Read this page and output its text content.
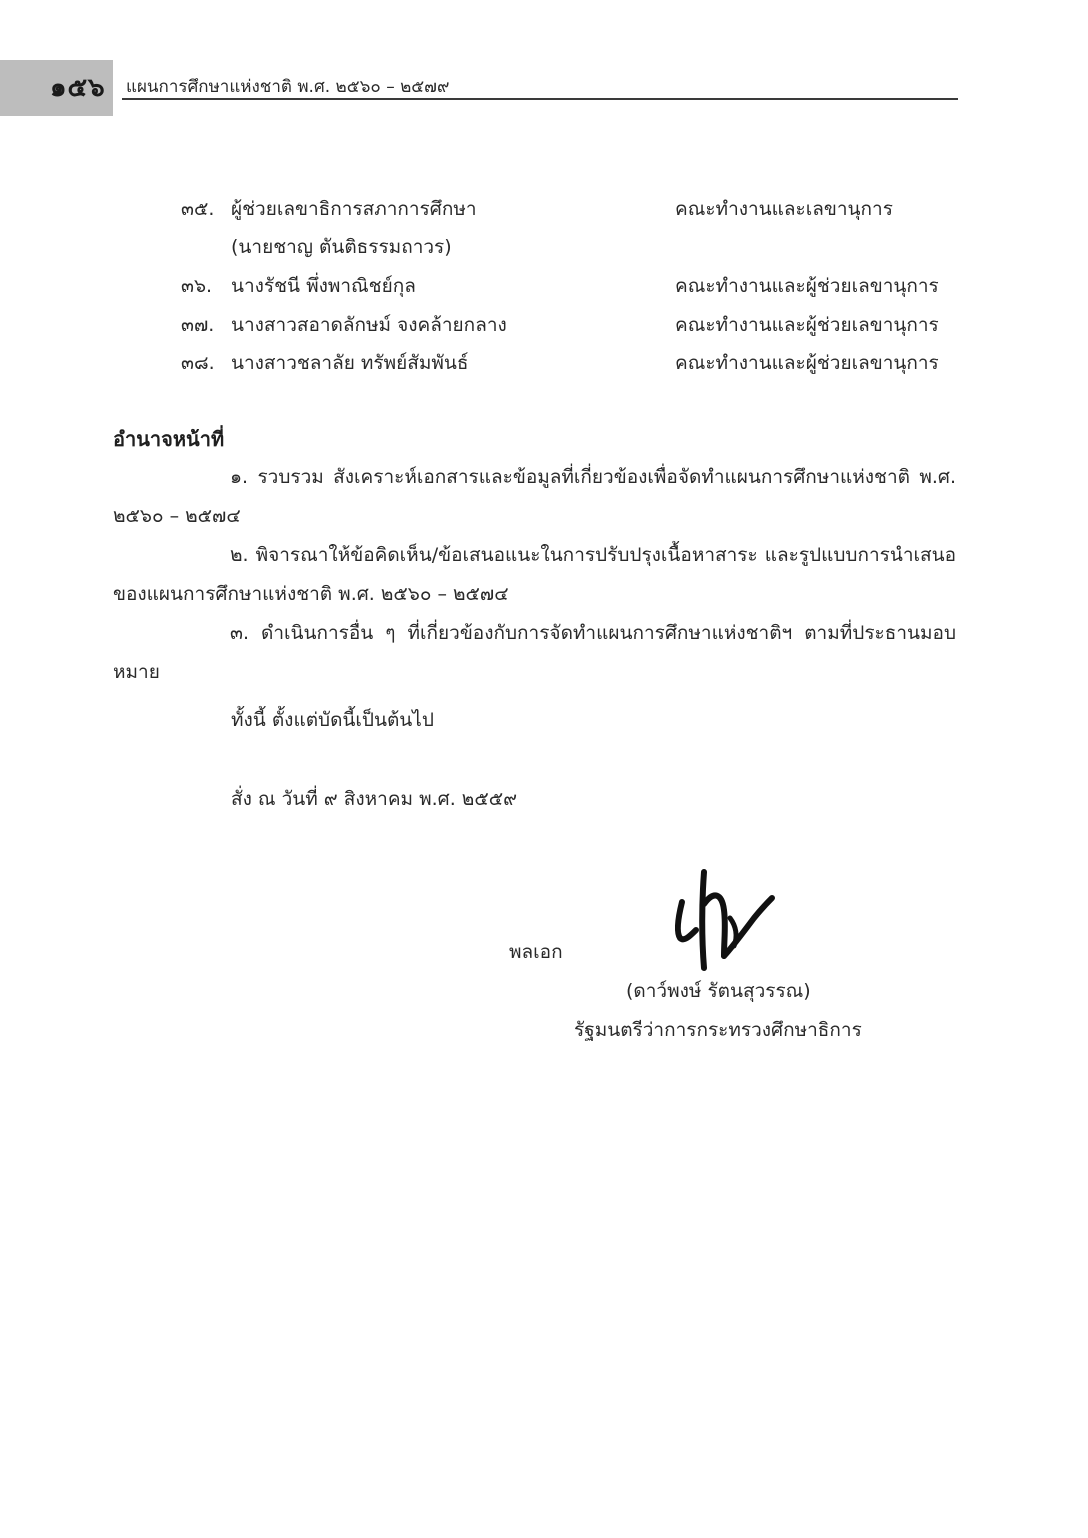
๑๕๖ แผนการศึกษาแห่งชาติ พ.ศ. ๒๕๖๐ – ๒๕๗๙
๓๕. ผู้ช่วยเลขาธิการสภาการศึกษา	คณะทำงานและเลขานุการ
(นายชาญ ตันติธรรมถาวร)
๓๖. นางรัชนี พึ่งพาณิชย์กุล	คณะทำงานและผู้ช่วยเลขานุการ
๓๗. นางสาวสอาดลักษม์ จงคล้ายกลาง	คณะทำงานและผู้ช่วยเลขานุการ
๓๘. นางสาวชลาลัย ทรัพย์สัมพันธ์	คณะทำงานและผู้ช่วยเลขานุการ
อำนาจหน้าที่

๑. รวบรวม สังเคราะห์เอกสารและข้อมูลที่เกี่ยวข้องเพื่อจัดทำแผนการศึกษาแห่งชาติ พ.ศ. ๒๕๖๐ – ๒๕๗๔

๒. พิจารณาให้ข้อคิดเห็น/ข้อเสนอแนะในการปรับปรุงเนื้อหาสาระ และรูปแบบการนำเสนอของแผนการศึกษาแห่งชาติ พ.ศ. ๒๕๖๐ – ๒๕๗๔

๓. ดำเนินการอื่น ๆ ที่เกี่ยวข้องกับการจัดทำแผนการศึกษาแห่งชาติฯ ตามที่ประธานมอบหมาย

ทั้งนี้ ตั้งแต่บัดนี้เป็นต้นไป
สั่ง ณ วันที่ ๙ สิงหาคม พ.ศ. ๒๕๕๙
พลเอก
(ดาว์พงษ์ รัตนสุวรรณ)
รัฐมนตรีว่าการกระทรวงศึกษาธิการ
